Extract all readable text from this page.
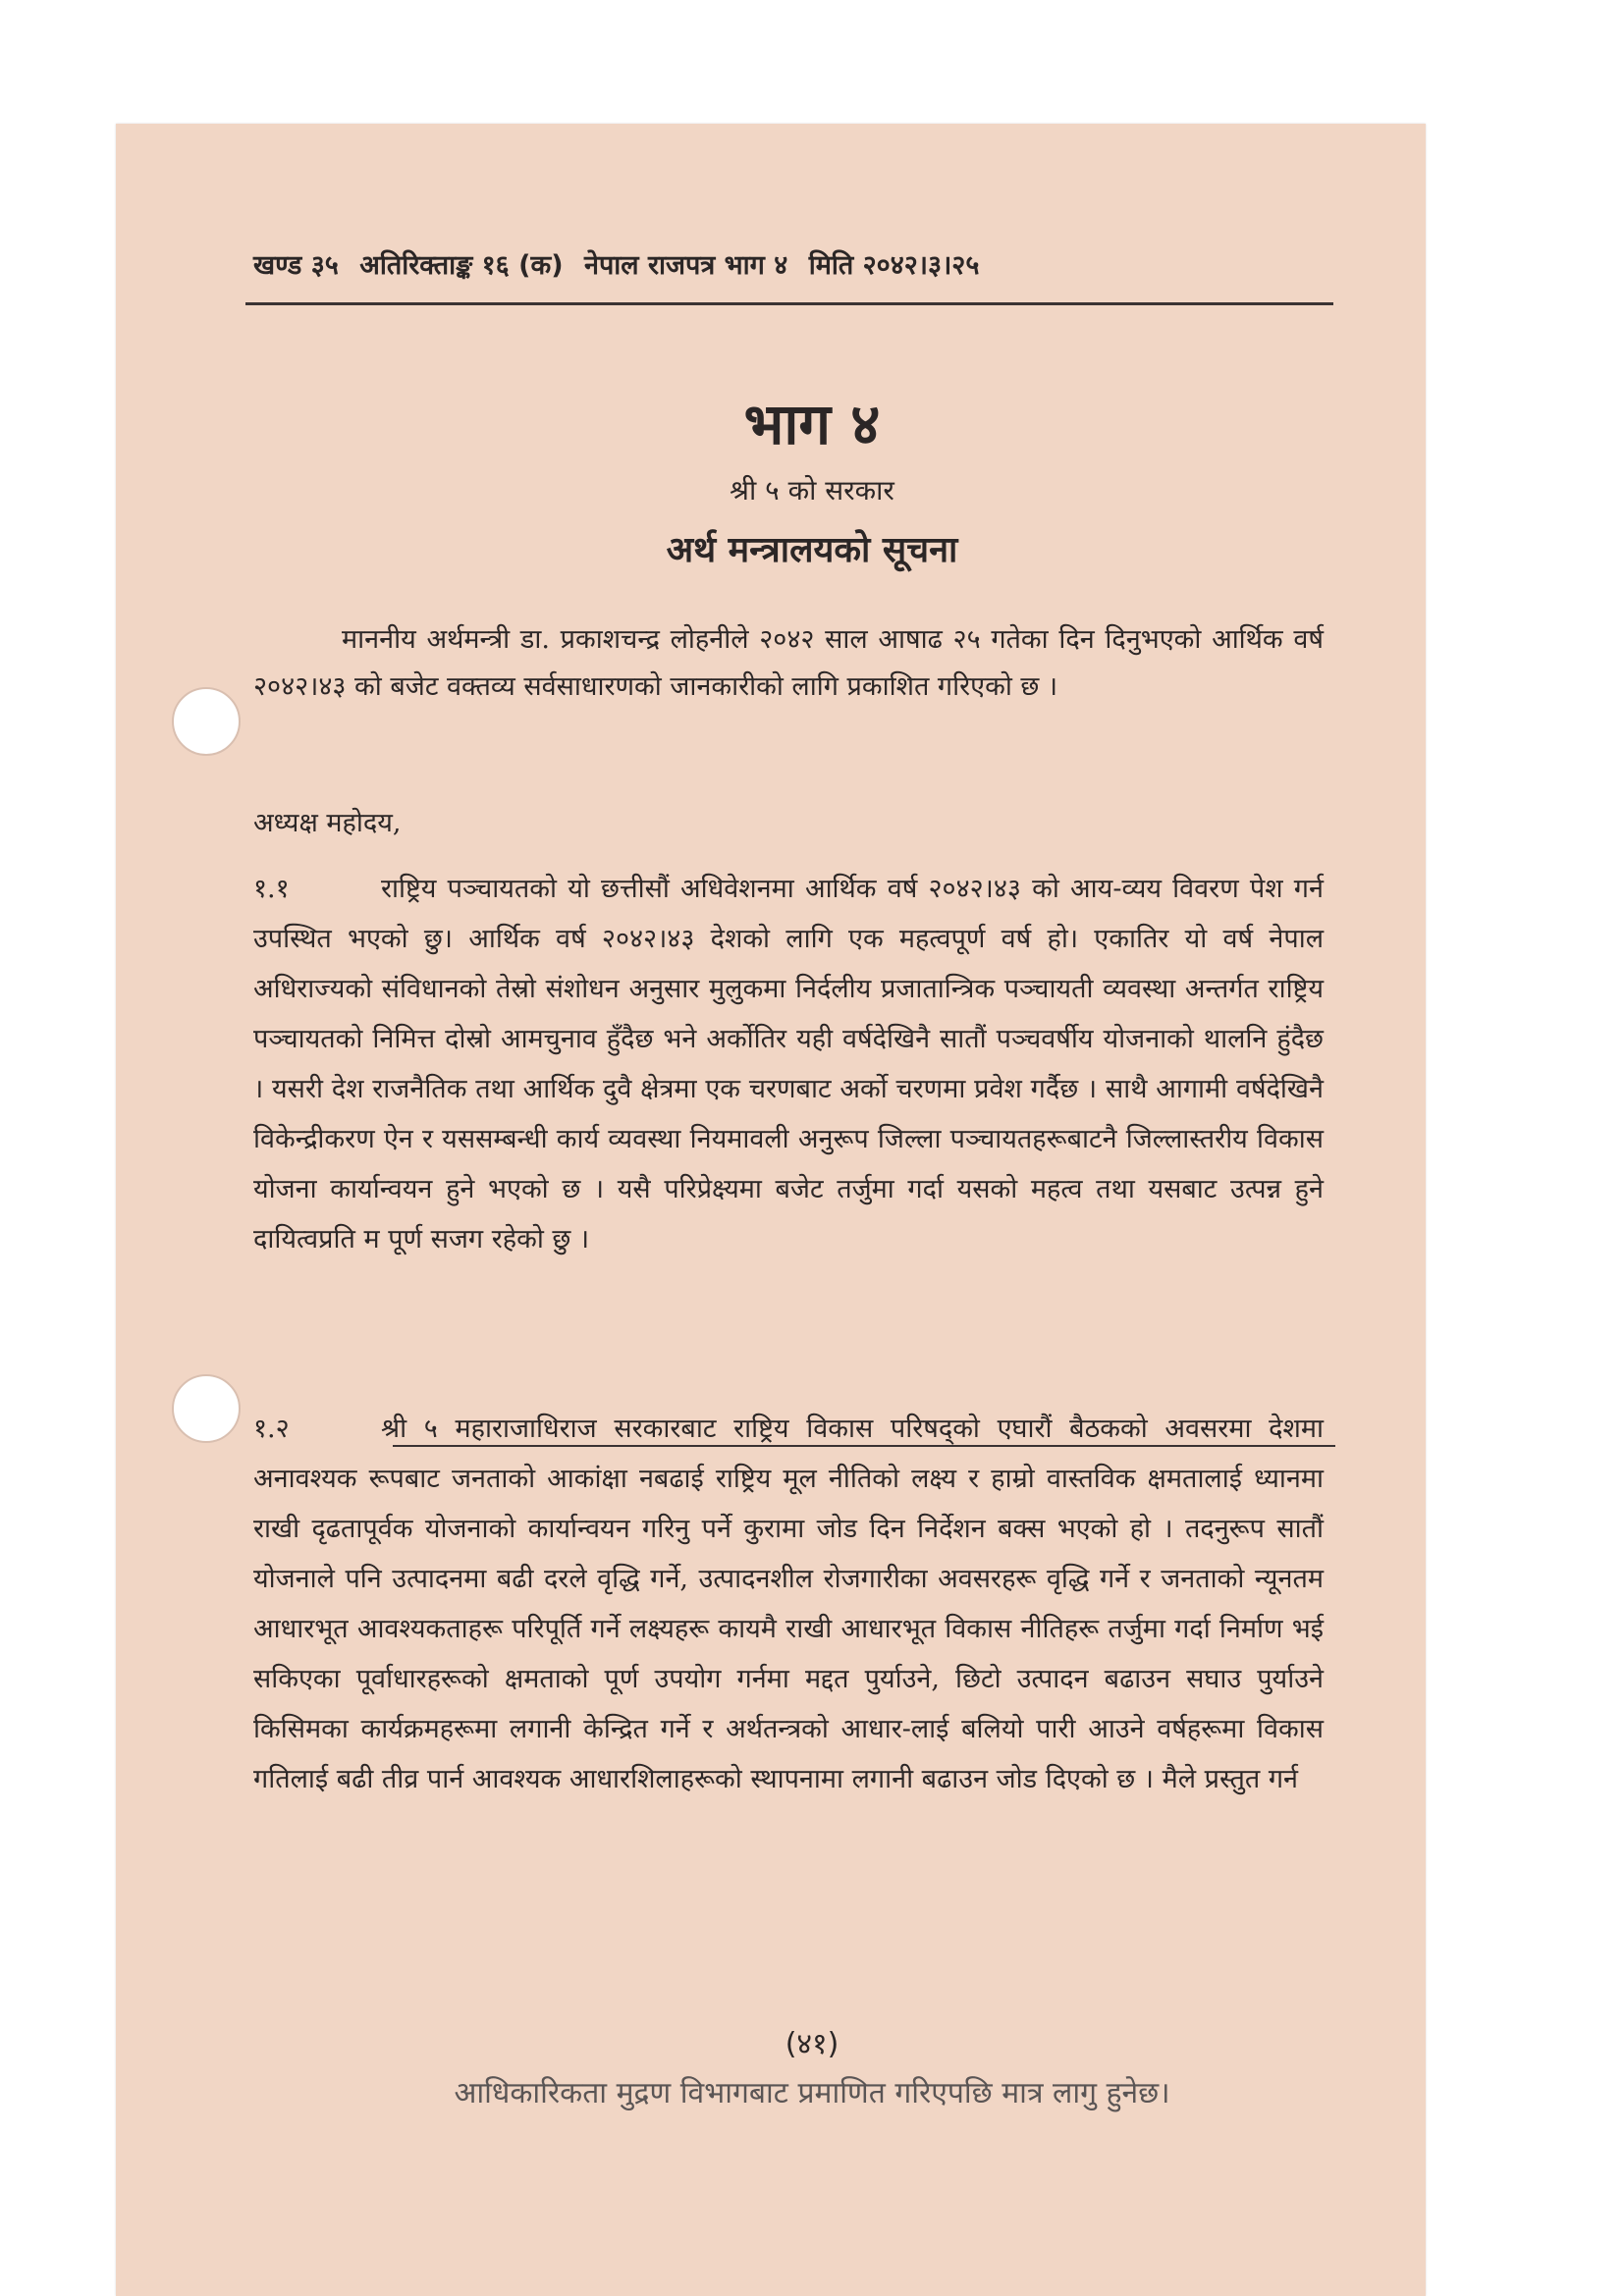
खण्ड ३५ अतिरिक्ताङ्क १६ (क) नेपाल राजपत्र भाग ४ मिति २०४२।३।२५
भाग ४
श्री ५ को सरकार
अर्थ मन्त्रालयको सूचना
माननीय अर्थमन्त्री डा. प्रकाशचन्द्र लोहनीले २०४२ साल आषाढ २५ गतेका दिन दिनुभएको आर्थिक वर्ष २०४२।४३ को बजेट वक्तव्य सर्वसाधारणको जानकारीको लागि प्रकाशित गरिएको छ ।
अध्यक्ष महोदय,
१.१	राष्ट्रिय पञ्चायतको यो छत्तीसौं अधिवेशनमा आर्थिक वर्ष २०४२।४३ को आय-व्यय विवरण पेश गर्न उपस्थित भएको छु। आर्थिक वर्ष २०४२।४३ देशको लागि एक महत्वपूर्ण वर्ष हो। एकातिर यो वर्ष नेपाल अधिराज्यको संविधानको तेस्रो संशोधन अनुसार मुलुकमा निर्दलीय प्रजातान्त्रिक पञ्चायती व्यवस्था अन्तर्गत राष्ट्रिय पञ्चायतको निमित्त दोस्रो आमचुनाव हुँदैछ भने अर्कोतिर यही वर्षदेखिनै सातौं पञ्चवर्षीय योजनाको थालनि हुंदैछ । यसरी देश राजनैतिक तथा आर्थिक दुवै क्षेत्रमा एक चरणबाट अर्को चरणमा प्रवेश गर्दैछ । साथै आगामी वर्षदेखिनै विकेन्द्रीकरण ऐन र यससम्बन्धी कार्य व्यवस्था नियमावली अनुरूप जिल्ला पञ्चायतहरूबाटनै जिल्लास्तरीय विकास योजना कार्यान्वयन हुने भएको छ । यसै परिप्रेक्ष्यमा बजेट तर्जुमा गर्दा यसको महत्व तथा यसबाट उत्पन्न हुने दायित्वप्रति म पूर्ण सजग रहेको छु ।
१.२	श्री ५ महाराजाधिराज सरकारबाट राष्ट्रिय विकास परिषद्को एघारौं बैठकको अवसरमा देशमा अनावश्यक रूपबाट जनताको आकांक्षा नबढाई राष्ट्रिय मूल नीतिको लक्ष्य र हाम्रो वास्तविक क्षमतालाई ध्यानमा राखी दृढतापूर्वक योजनाको कार्यान्वयन गरिनु पर्ने कुरामा जोड दिन निर्देशन बक्स भएको हो । तदनुरूप सातौं योजनाले पनि उत्पादनमा बढी दरले वृद्धि गर्ने, उत्पादनशील रोजगारीका अवसरहरू वृद्धि गर्ने र जनताको न्यूनतम आधारभूत आवश्यकताहरू परिपूर्ति गर्ने लक्ष्यहरू कायमै राखी आधारभूत विकास नीतिहरू तर्जुमा गर्दा निर्माण भई सकिएका पूर्वाधारहरूको क्षमताको पूर्ण उपयोग गर्नमा मद्दत पुर्याउने, छिटो उत्पादन बढाउन सघाउ पुर्याउने किसिमका कार्यक्रमहरूमा लगानी केन्द्रित गर्ने र अर्थतन्त्रको आधार-लाई बलियो पारी आउने वर्षहरूमा विकास गतिलाई बढी तीव्र पार्न आवश्यक आधारशिलाहरूको स्थापनामा लगानी बढाउन जोड दिएको छ । मैले प्रस्तुत गर्न
(४१)
आधिकारिकता मुद्रण विभागबाट प्रमाणित गरिएपछि मात्र लागु हुनेछ।
